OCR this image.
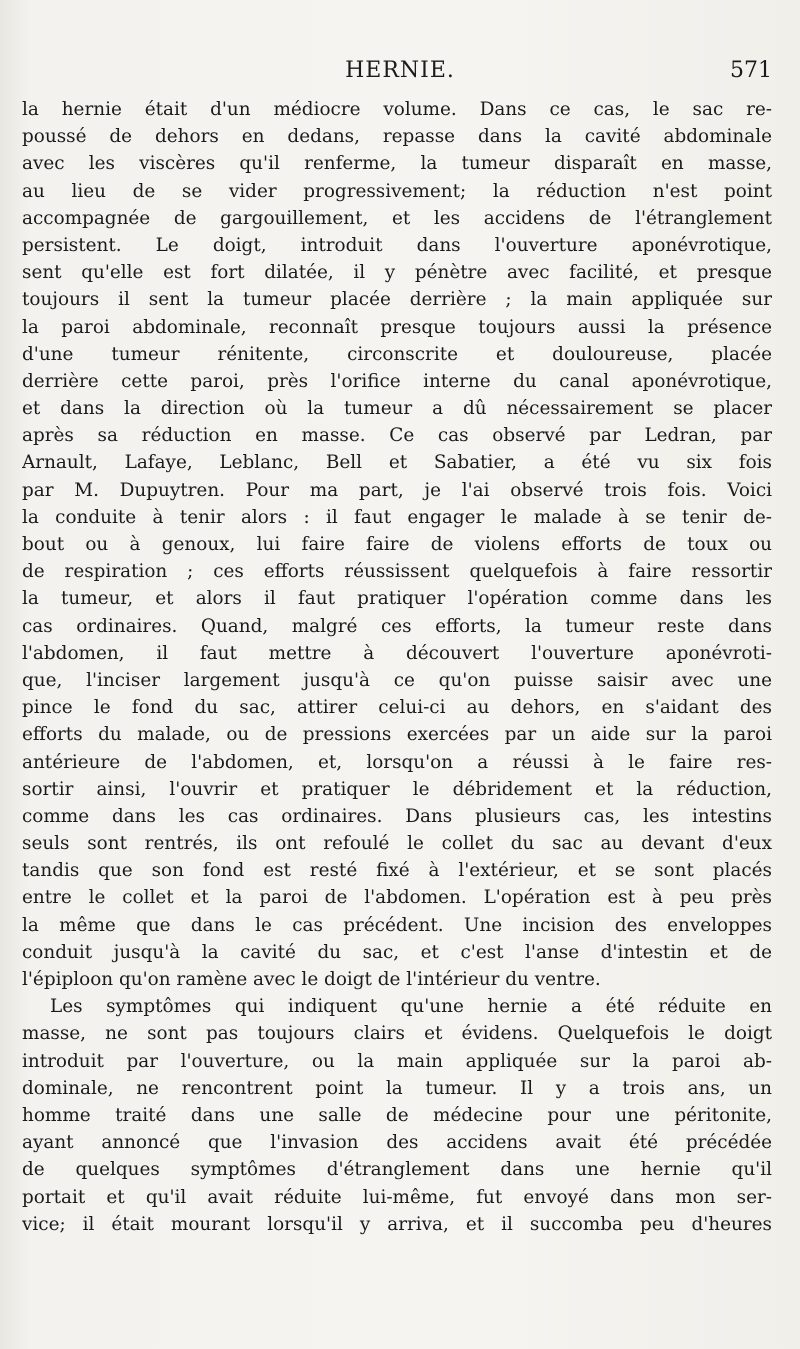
HERNIE.	571
la hernie était d'un médiocre volume. Dans ce cas, le sac re-
poussé de dehors en dedans, repasse dans la cavité abdominale
avec les viscères qu'il renferme, la tumeur disparaît en masse,
au lieu de se vider progressivement; la réduction n'est point
accompagnée de gargouillement, et les accidens de l'étranglement
persistent. Le doigt, introduit dans l'ouverture aponévrotique,
sent qu'elle est fort dilatée, il y pénètre avec facilité, et presque
toujours il sent la tumeur placée derrière ; la main appliquée sur
la paroi abdominale, reconnaît presque toujours aussi la présence
d'une tumeur rénitente, circonscrite et douloureuse, placée
derrière cette paroi, près l'orifice interne du canal aponévrotique,
et dans la direction où la tumeur a dû nécessairement se placer
après sa réduction en masse. Ce cas observé par Ledran, par
Arnault, Lafaye, Leblanc, Bell et Sabatier, a été vu six fois
par M. Dupuytren. Pour ma part, je l'ai observé trois fois. Voici
la conduite à tenir alors : il faut engager le malade à se tenir de-
bout ou à genoux, lui faire faire de violens efforts de toux ou
de respiration ; ces efforts réussissent quelquefois à faire ressortir
la tumeur, et alors il faut pratiquer l'opération comme dans les
cas ordinaires. Quand, malgré ces efforts, la tumeur reste dans
l'abdomen, il faut mettre à découvert l'ouverture aponévroti-
que, l'inciser largement jusqu'à ce qu'on puisse saisir avec une
pince le fond du sac, attirer celui-ci au dehors, en s'aidant des
efforts du malade, ou de pressions exercées par un aide sur la paroi
antérieure de l'abdomen, et, lorsqu'on a réussi à le faire res-
sortir ainsi, l'ouvrir et pratiquer le débridement et la réduction,
comme dans les cas ordinaires. Dans plusieurs cas, les intestins
seuls sont rentrés, ils ont refoulé le collet du sac au devant d'eux
tandis que son fond est resté fixé à l'extérieur, et se sont placés
entre le collet et la paroi de l'abdomen. L'opération est à peu près
la même que dans le cas précédent. Une incision des enveloppes
conduit jusqu'à la cavité du sac, et c'est l'anse d'intestin et de
l'épiploon qu'on ramène avec le doigt de l'intérieur du ventre.
Les symptômes qui indiquent qu'une hernie a été réduite en
masse, ne sont pas toujours clairs et évidens. Quelquefois le doigt
introduit par l'ouverture, ou la main appliquée sur la paroi ab-
dominale, ne rencontrent point la tumeur. Il y a trois ans, un
homme traité dans une salle de médecine pour une péritonite,
ayant annoncé que l'invasion des accidens avait été précédée
de quelques symptômes d'étranglement dans une hernie qu'il
portait et qu'il avait réduite lui-même, fut envoyé dans mon ser-
vice; il était mourant lorsqu'il y arriva, et il succomba peu d'heures
